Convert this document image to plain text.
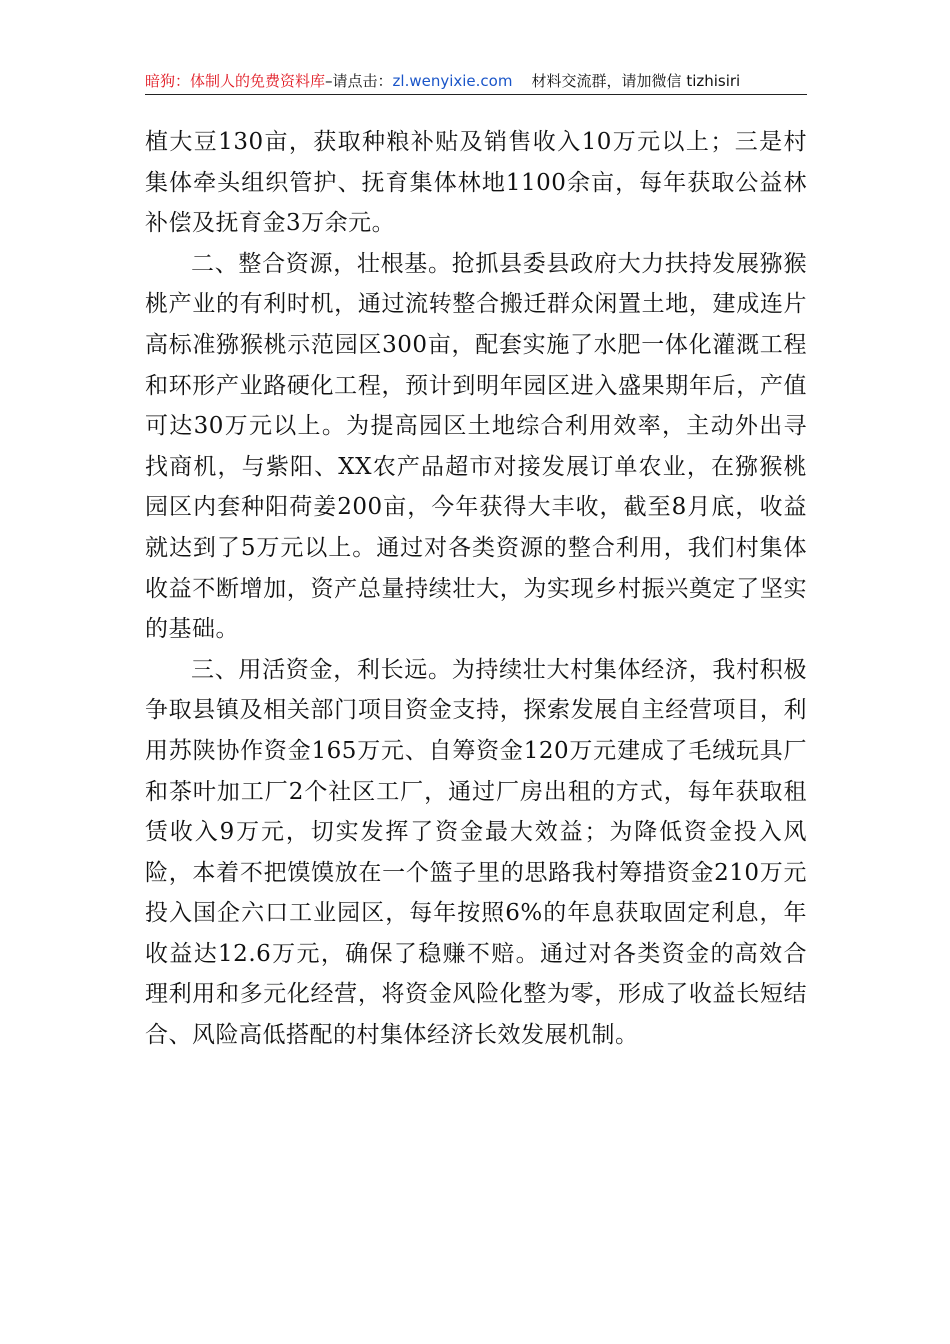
暗狗：体制人的免费资料库–请点击：zl.wenyixie.com 材料交流群，请加微信 tizhisiri

植大豆130亩，获取种粮补贴及销售收入10万元以上；三是村集体牵头组织管护、抚育集体林地1100余亩，每年获取公益林补偿及抚育金3万余元。

二、整合资源，壮根基。抢抓县委县政府大力扶持发展猕猴桃产业的有利时机，通过流转整合搬迁群众闲置土地，建成连片高标准猕猴桃示范园区300亩，配套实施了水肥一体化灌溉工程和环形产业路硬化工程，预计到明年园区进入盛果期年后，产值可达30万元以上。为提高园区土地综合利用效率，主动外出寻找商机，与紫阳、XX农产品超市对接发展订单农业，在猕猴桃园区内套种阳荷姜200亩，今年获得大丰收，截至8月底，收益就达到了5万元以上。通过对各类资源的整合利用，我们村集体收益不断增加，资产总量持续壮大，为实现乡村振兴奠定了坚实的基础。

三、用活资金，利长远。为持续壮大村集体经济，我村积极争取县镇及相关部门项目资金支持，探索发展自主经营项目，利用苏陕协作资金165万元、自筹资金120万元建成了毛绒玩具厂和茶叶加工厂2个社区工厂，通过厂房出租的方式，每年获取租赁收入9万元，切实发挥了资金最大效益；为降低资金投入风险，本着不把馍馍放在一个篮子里的思路我村筹措资金210万元投入国企六口工业园区，每年按照6%的年息获取固定利息，年收益达12.6万元，确保了稳赚不赔。通过对各类资金的高效合理利用和多元化经营，将资金风险化整为零，形成了收益长短结合、风险高低搭配的村集体经济长效发展机制。
